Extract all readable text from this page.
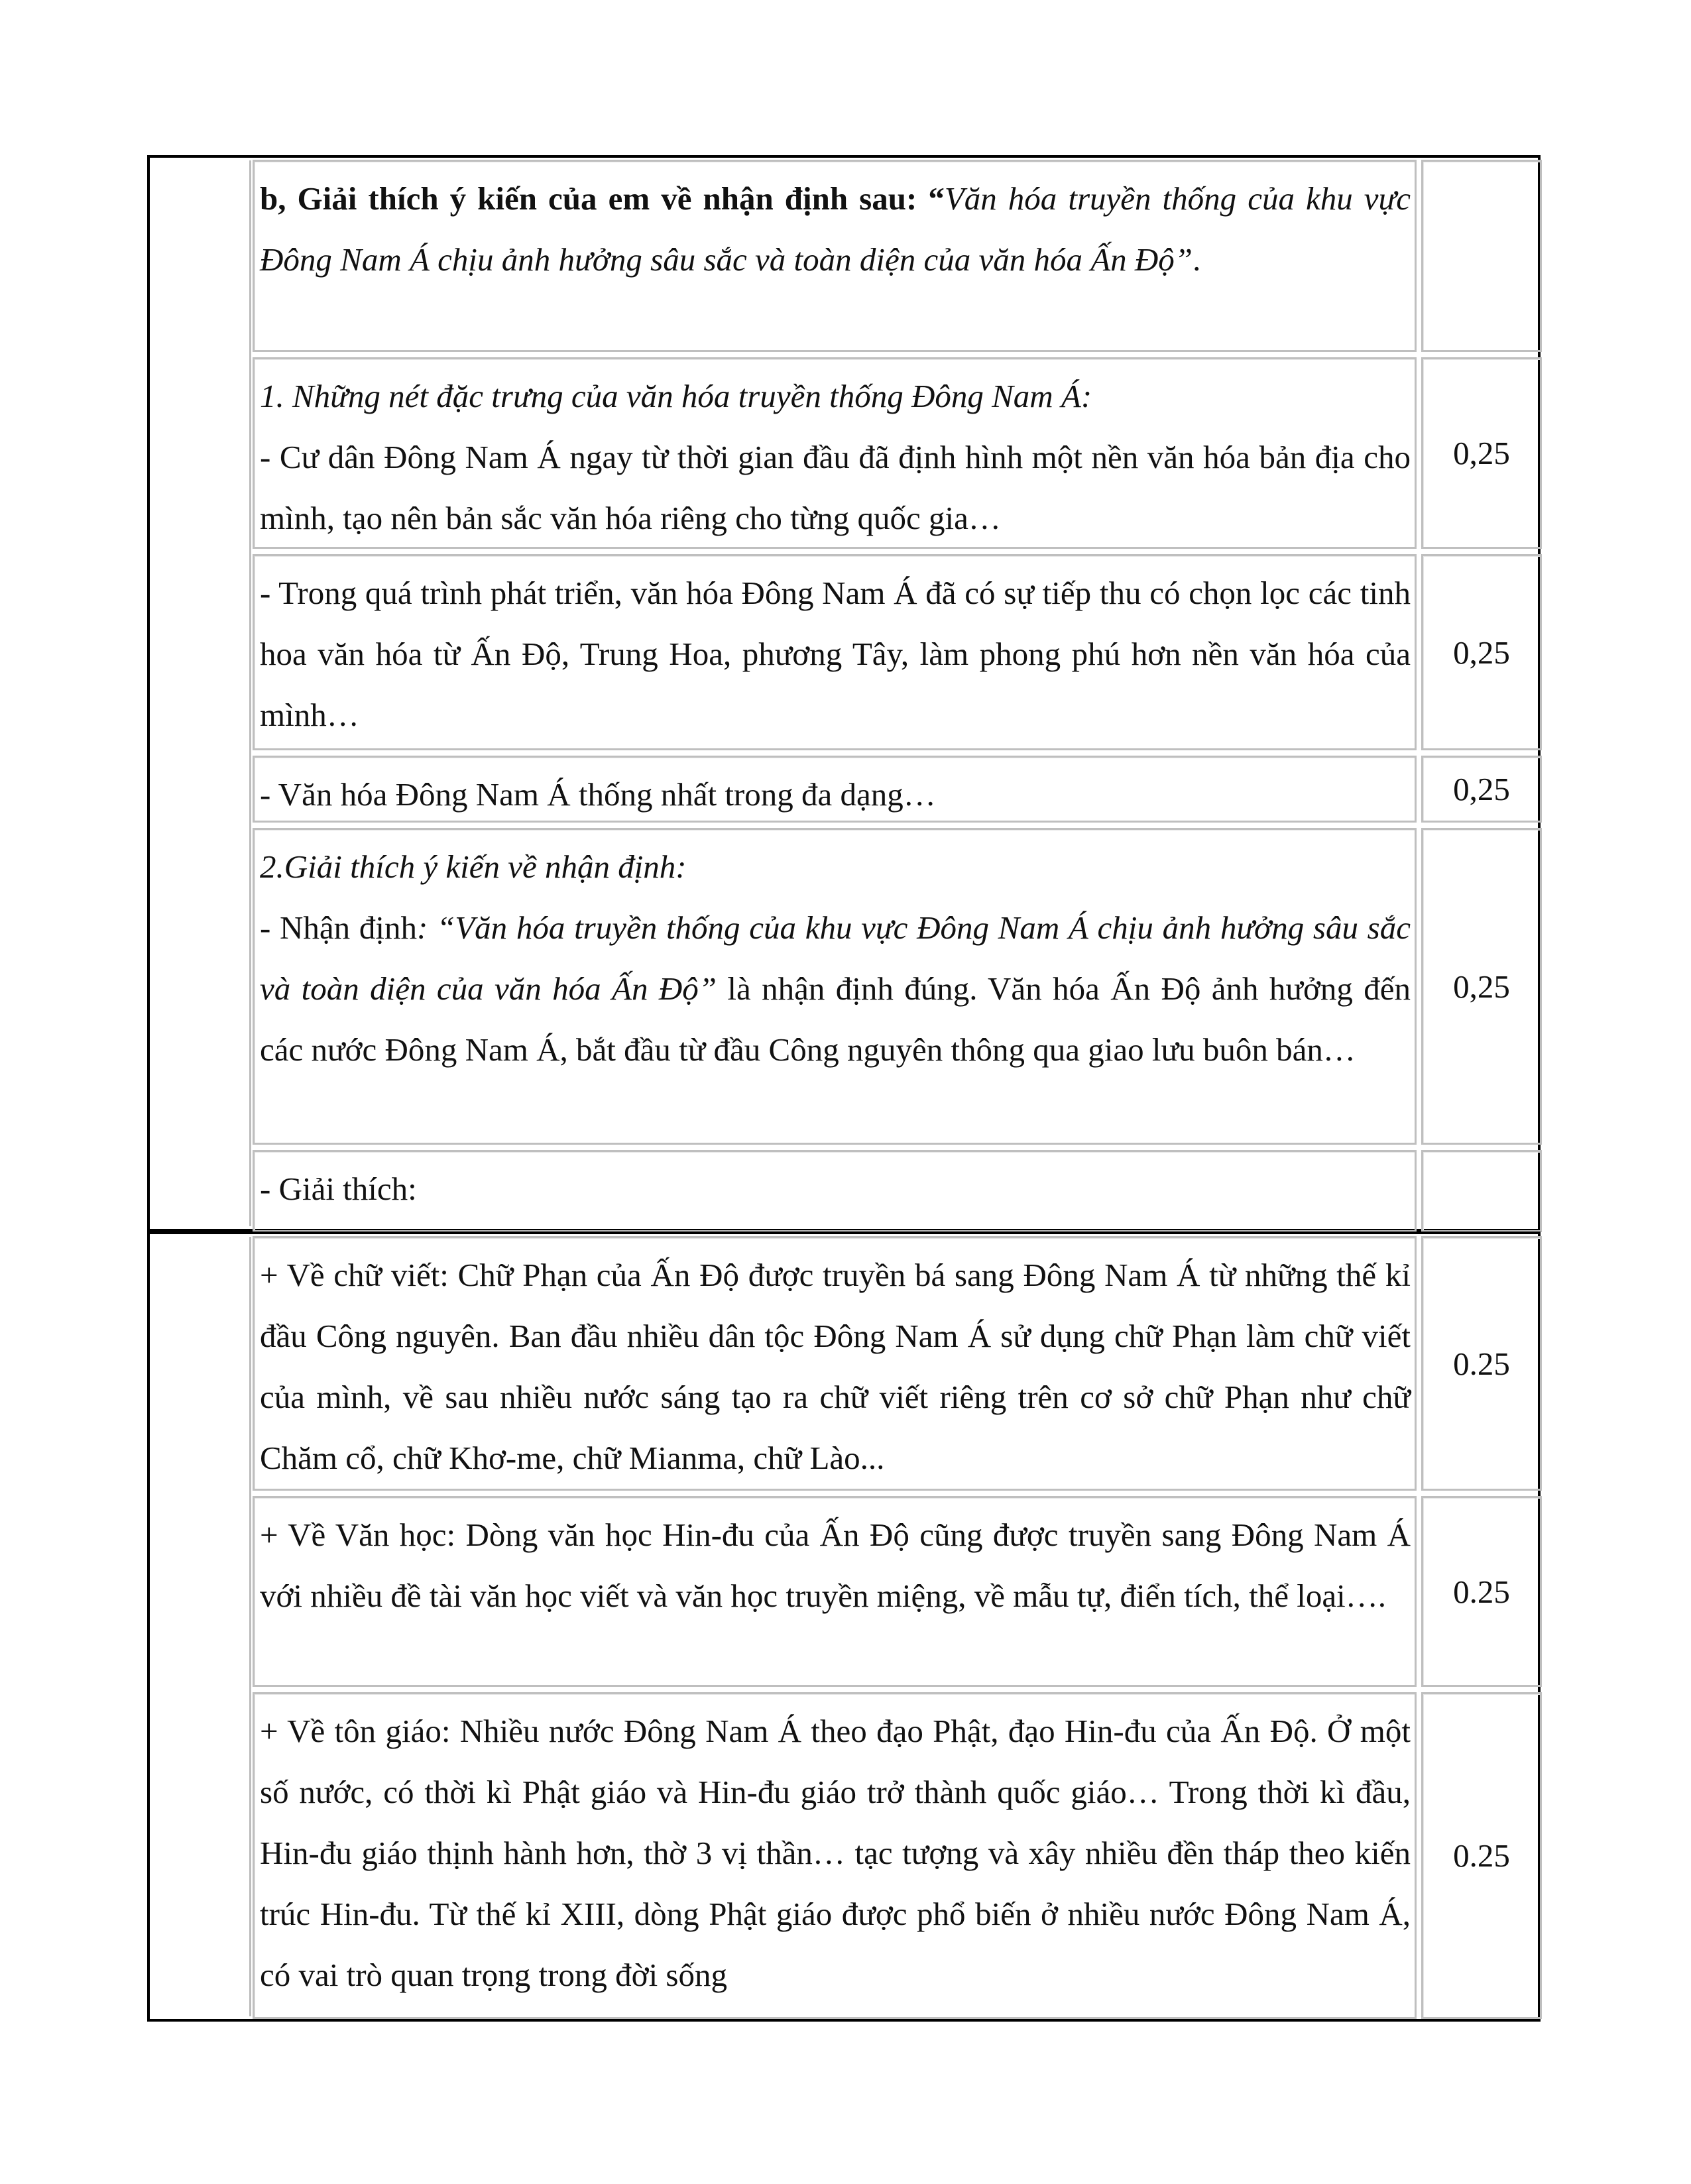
b, Giải thích ý kiến của em về nhận định sau: “Văn hóa truyền thống của khu vực Đông Nam Á chịu ảnh hưởng sâu sắc và toàn diện của văn hóa Ấn Độ”.

1. Những nét đặc trưng của văn hóa truyền thống Đông Nam Á:

- Cư dân Đông Nam Á ngay từ thời gian đầu đã định hình một nền văn hóa bản địa cho mình, tạo nên bản sắc văn hóa riêng cho từng quốc gia…

0,25

- Trong quá trình phát triển, văn hóa Đông Nam Á đã có sự tiếp thu có chọn lọc các tinh hoa văn hóa từ Ấn Độ, Trung Hoa, phương Tây, làm phong phú hơn nền văn hóa của mình…

0,25

- Văn hóa Đông Nam Á thống nhất trong đa dạng…	0,25

2.Giải thích ý kiến về nhận định:

- Nhận định: “Văn hóa truyền thống của khu vực Đông Nam Á chịu ảnh hưởng sâu sắc và toàn diện của văn hóa Ấn Độ” là nhận định đúng. Văn hóa Ấn Độ ảnh hưởng đến các nước Đông Nam Á, bắt đầu từ đầu Công nguyên thông qua giao lưu buôn bán…

0,25

- Giải thích:

+ Về chữ viết: Chữ Phạn của Ấn Độ được truyền bá sang Đông Nam Á từ những thế kỉ đầu Công nguyên. Ban đầu nhiều dân tộc Đông Nam Á sử dụng chữ Phạn làm chữ viết của mình, về sau nhiều nước sáng tạo ra chữ viết riêng trên cơ sở chữ Phạn như chữ Chăm cổ, chữ Khơ-me, chữ Mianma, chữ Lào...

0.25

+ Về Văn học: Dòng văn học Hin-đu của Ấn Độ cũng được truyền sang Đông Nam Á với nhiều đề tài văn học viết và văn học truyền miệng, về mẫu tự, điển tích, thể loại….	0.25

+ Về tôn giáo: Nhiều nước Đông Nam Á theo đạo Phật, đạo Hin-đu của Ấn Độ. Ở một số nước, có thời kì Phật giáo và Hin-đu giáo trở thành quốc giáo… Trong thời kì đầu, Hin-đu giáo thịnh hành hơn, thờ 3 vị thần… tạc tượng và xây nhiều đền tháp theo kiến trúc Hin-đu. Từ thế kỉ XIII, dòng Phật giáo được phổ biến ở nhiều nước Đông Nam Á, có vai trò quan trọng trong đời sống

0.25
